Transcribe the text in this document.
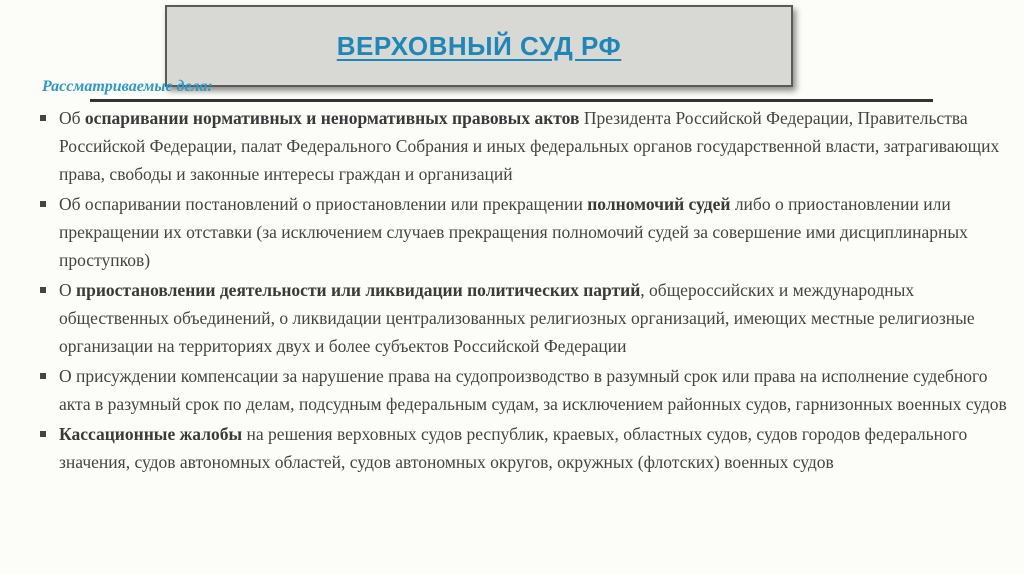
ВЕРХОВНЫЙ СУД РФ
Рассматриваемые дела:
Об оспаривании нормативных и ненормативных правовых актов Президента Российской Федерации, Правительства Российской Федерации, палат Федерального Собрания и иных федеральных органов государственной власти, затрагивающих права, свободы и законные интересы граждан и организаций
Об оспаривании постановлений о приостановлении или прекращении полномочий судей либо о приостановлении или прекращении их отставки (за исключением случаев прекращения полномочий судей за совершение ими дисциплинарных проступков)
О приостановлении деятельности или ликвидации политических партий, общероссийских и международных общественных объединений, о ликвидации централизованных религиозных организаций, имеющих местные религиозные организации на территориях двух и более субъектов Российской Федерации
О присуждении компенсации за нарушение права на судопроизводство в разумный срок или права на исполнение судебного акта в разумный срок по делам, подсудным федеральным судам, за исключением районных судов, гарнизонных военных судов
Кассационные жалобы на решения верховных судов республик, краевых, областных судов, судов городов федерального значения, судов автономных областей, судов автономных округов, окружных (флотских) военных судов
